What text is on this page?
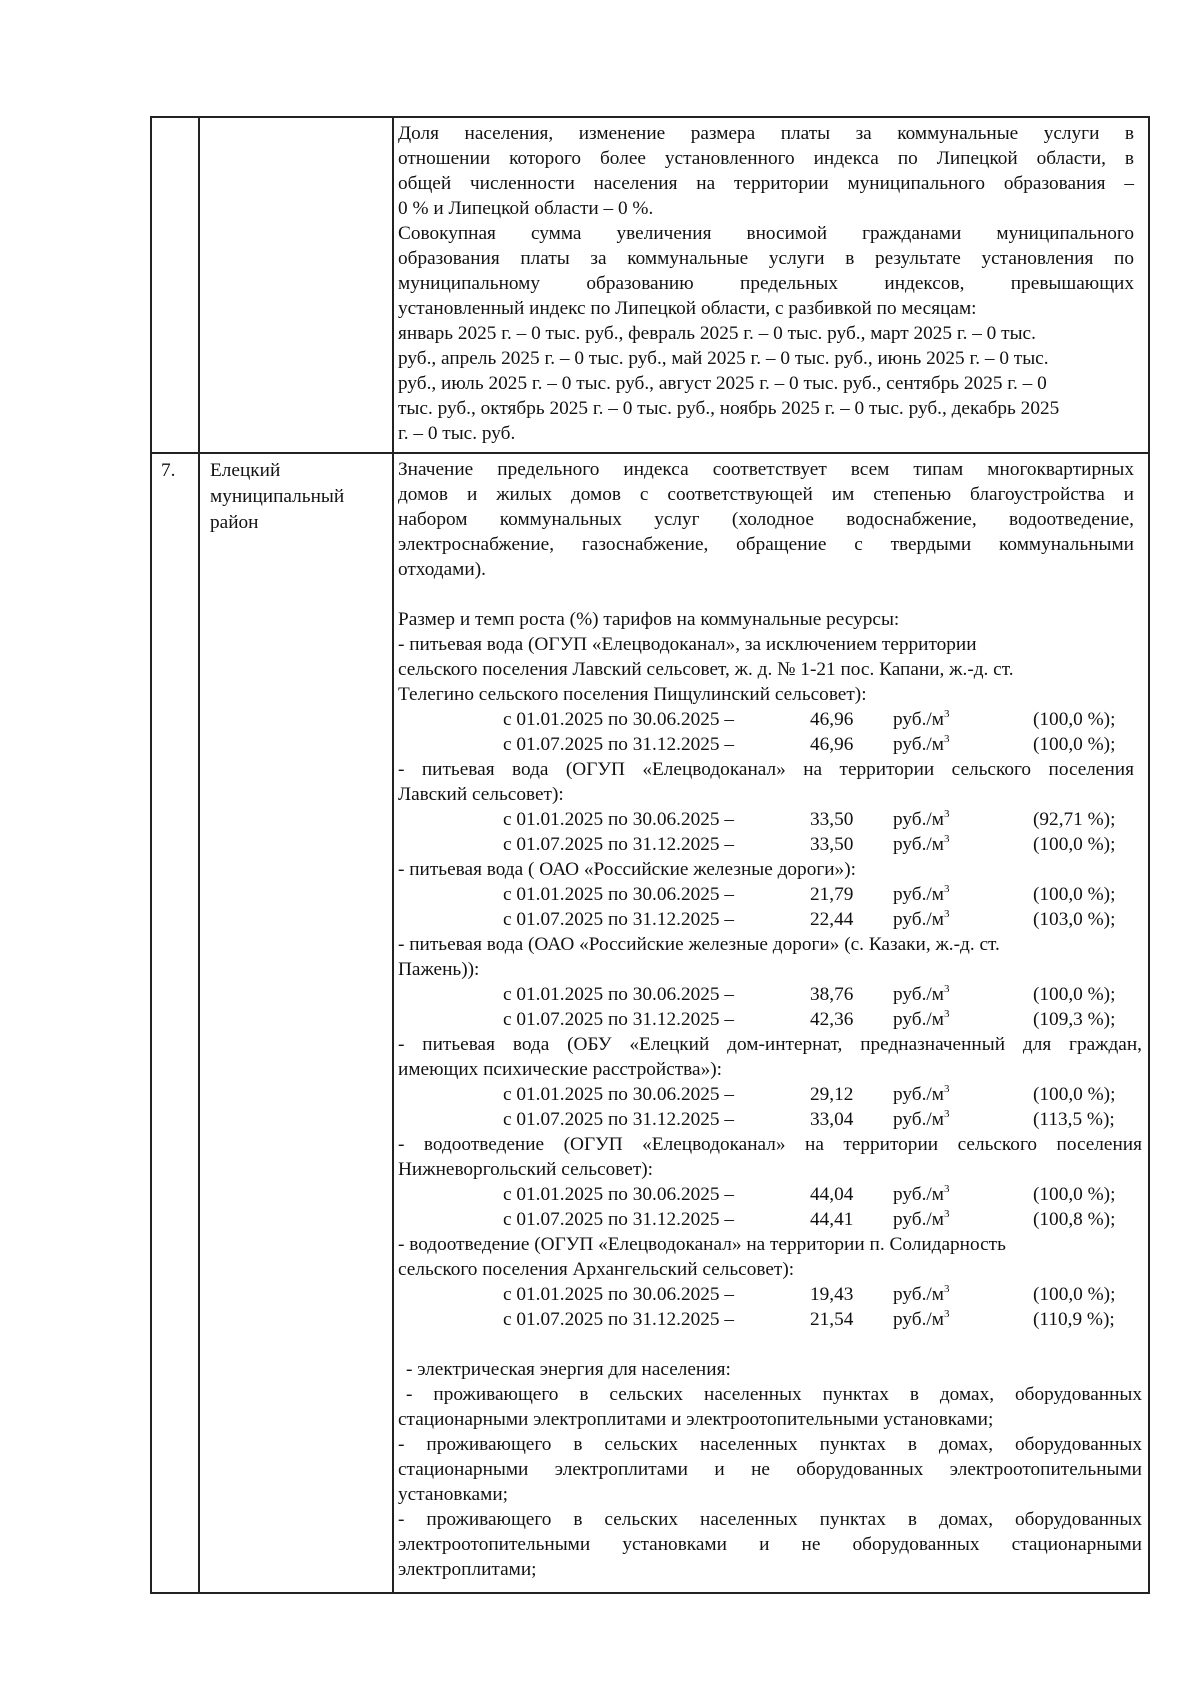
Доля населения, изменение размера платы за коммунальные услуги в
отношении которого более установленного индекса по Липецкой области, в
общей численности населения на территории муниципального образования –
0 % и Липецкой области – 0 %.
Совокупная сумма увеличения вносимой гражданами муниципального
образования платы за коммунальные услуги в результате установления по
муниципальному образованию предельных индексов, превышающих
установленный индекс по Липецкой области, с разбивкой по месяцам:
январь 2025 г. – 0 тыс. руб., февраль 2025 г. – 0 тыс. руб., март 2025 г. – 0 тыс.
руб., апрель 2025 г. – 0 тыс. руб., май 2025 г. – 0 тыс. руб., июнь 2025 г. – 0 тыс.
руб., июль 2025 г. – 0 тыс. руб., август 2025 г. – 0 тыс. руб., сентябрь 2025 г. – 0
тыс. руб., октябрь 2025 г. – 0 тыс. руб., ноябрь 2025 г. – 0 тыс. руб., декабрь 2025
г. – 0 тыс. руб.
7. Елецкий
муниципальный
район
Значение предельного индекса соответствует всем типам многоквартирных
домов и жилых домов с соответствующей им степенью благоустройства и
набором коммунальных услуг (холодное водоснабжение, водоотведение,
электроснабжение, газоснабжение, обращение с твердыми коммунальными
отходами).
Размер и темп роста (%) тарифов на коммунальные ресурсы:
- питьевая вода (ОГУП «Елецводоканал», за исключением территории
сельского поселения Лавский сельсовет, ж. д. № 1-21 пос. Капани, ж.-д. ст.
Телегино сельского поселения Пищулинский сельсовет):
с 01.01.2025 по 30.06.2025 –	46,96 $руб./м^3$	(100,0 %);
с 01.07.2025 по 31.12.2025 –	46,96 $руб./м^3$	(100,0 %);
- питьевая вода (ОГУП «Елецводоканал» на территории сельского поселения
Лавский сельсовет):
с 01.01.2025 по 30.06.2025 –	33,50 $руб./м^3$	(92,71 %);
с 01.07.2025 по 31.12.2025 –	33,50 $руб./м^3$	(100,0 %);
- питьевая вода ( ОАО «Российские железные дороги»):
с 01.01.2025 по 30.06.2025 –	21,79 $руб./м^3$	(100,0 %);
с 01.07.2025 по 31.12.2025 –	22,44 $руб./м^3$	(103,0 %);
- питьевая вода (ОАО «Российские железные дороги» (с. Казаки, ж.-д. ст.
Пажень)):
с 01.01.2025 по 30.06.2025 –	38,76 $руб./м^3$	(100,0 %);
с 01.07.2025 по 31.12.2025 –	42,36 $руб./м^3$	(109,3 %);
- питьевая вода (ОБУ «Елецкий дом-интернат, предназначенный для граждан,
имеющих психические расстройства»):
с 01.01.2025 по 30.06.2025 –	29,12 $руб./м^3$	(100,0 %);
с 01.07.2025 по 31.12.2025 –	33,04 $руб./м^3$	(113,5 %);
- водоотведение (ОГУП «Елецводоканал» на территории сельского поселения
Нижневоргольский сельсовет):
с 01.01.2025 по 30.06.2025 –	44,04 $руб./м^3$	(100,0 %);
с 01.07.2025 по 31.12.2025 –	44,41 $руб./м^3$	(100,8 %);
- водоотведение (ОГУП «Елецводоканал» на территории п. Солидарность
сельского поселения Архангельский сельсовет):
с 01.01.2025 по 30.06.2025 –	19,43 $руб./м^3$	(100,0 %);
с 01.07.2025 по 31.12.2025 –	21,54 $руб./м^3$	(110,9 %);
- электрическая энергия для населения:
- проживающего в сельских населенных пунктах в домах, оборудованных
стационарными электроплитами и электроотопительными установками;
- проживающего в сельских населенных пунктах в домах, оборудованных
стационарными электроплитами и не оборудованных электроотопительными
установками;
- проживающего в сельских населенных пунктах в домах, оборудованных
электроотопительными установками и не оборудованных стационарными
электроплитами;
